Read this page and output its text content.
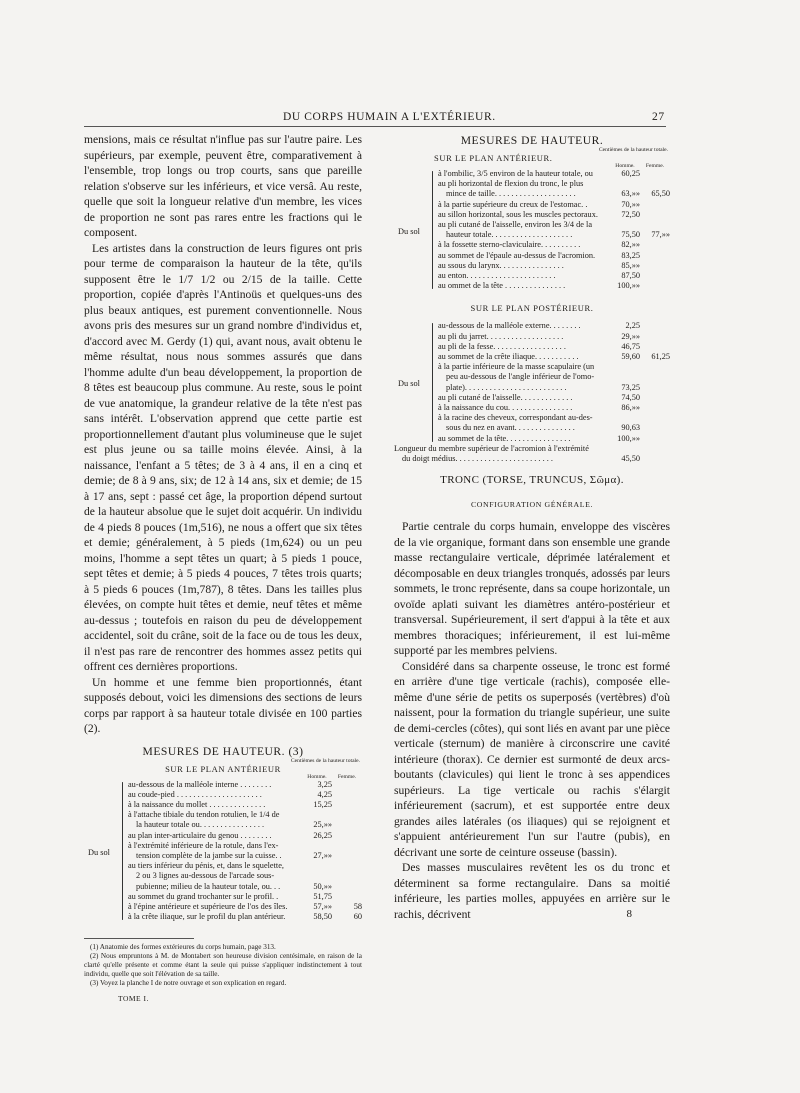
DU CORPS HUMAIN A L'EXTÉRIEUR.	27

mensions, mais ce résultat n'influe pas sur l'autre paire. Les supérieurs, par exemple, peuvent être, comparativement à l'ensemble, trop longs ou trop courts, sans que pareille relation s'observe sur les inférieurs, et vice versâ. Au reste, quelle que soit la longueur relative d'un membre, les vices de proportion ne sont pas rares entre les fractions qui le composent.

Les artistes dans la construction de leurs figures ont pris pour terme de comparaison la hauteur de la tête, qu'ils supposent être le 1/7 1/2 ou 2/15 de la taille. Cette proportion, copiée d'après l'Antinoüs et quelques-uns des plus beaux antiques, est purement conventionnelle. Nous avons pris des mesures sur un grand nombre d'individus et, d'accord avec M. Gerdy (1) qui, avant nous, avait obtenu le même résultat, nous nous sommes assurés que dans l'homme adulte d'un beau développement, la proportion de 8 têtes est beaucoup plus commune. Au reste, sous le point de vue anatomique, la grandeur relative de la tête n'est pas sans intérêt. L'observation apprend que cette partie est proportionnellement d'autant plus volumineuse que le sujet est plus jeune ou sa taille moins élevée. Ainsi, à la naissance, l'enfant a 5 têtes; de 3 à 4 ans, il en a cinq et demie; de 8 à 9 ans, six; de 12 à 14 ans, six et demie; de 15 à 17 ans, sept : passé cet âge, la proportion dépend surtout de la hauteur absolue que le sujet doit acquérir. Un individu de 4 pieds 8 pouces (1m,516), ne nous a offert que six têtes et demie; généralement, à 5 pieds (1m,624) ou un peu moins, l'homme a sept têtes un quart; à 5 pieds 1 pouce, sept têtes et demie; à 5 pieds 4 pouces, 7 têtes trois quarts; à 5 pieds 6 pouces (1m,787), 8 têtes. Dans les tailles plus élevées, on compte huit têtes et demie, neuf têtes et même au-dessus ; toutefois en raison du peu de développement accidentel, soit du crâne, soit de la face ou de tous les deux, il n'est pas rare de rencontrer des hommes assez petits qui offrent ces dernières proportions.

Un homme et une femme bien proportionnés, étant supposés debout, voici les dimensions des sections de leurs corps par rapport à sa hauteur totale divisée en 100 parties (2).

MESURES DE HAUTEUR. (3)
Centièmes de la hauteur totale.
SUR LE PLAN ANTÉRIEUR
Homme. Femme.
Du sol
au-dessous de la malléole interne . . . . . . . .	3,25
au coude-pied . . . . . . . . . . . . . . . . . . . . .	4,25
à la naissance du mollet . . . . . . . . . . . . . .	15,25
à l'attache tibiale du tendon rotulien, le 1/4 de
la hauteur totale ou. . . . . . . . . . . . . . . .	25,»»
au plan inter-articulaire du genou . . . . . . . .	26,25
à l'extrémité inférieure de la rotule, dans l'ex-
tension complète de la jambe sur la cuisse. .	27,»»
au tiers inférieur du pénis, et, dans le squelette,
2 ou 3 lignes au-dessous de l'arcade sous-
pubienne; milieu de la hauteur totale, ou. . .	50,»»
au sommet du grand trochanter sur le profil. .	51,75
à l'épine antérieure et supérieure de l'os des îles.	57,»»	58
à la crête iliaque, sur le profil du plan antérieur.	58,50	60

(1) Anatomie des formes extérieures du corps humain, page 313.

(2) Nous empruntons à M. de Montabert son heureuse division centésimale, en raison de la clarté qu'elle présente et comme étant la seule qui puisse s'appliquer indistinctement à tout individu, quelle que soit l'élévation de sa taille.

(3) Voyez la planche I de notre ouvrage et son explication en regard.

TOME I.
MESURES DE HAUTEUR.
Centièmes de la hauteur totale.
SUR LE PLAN ANTÉRIEUR.
Homme. Femme.
Du sol
à l'ombilic, 3/5 environ de la hauteur totale, ou	60,25
au pli horizontal de flexion du tronc, le plus
mince de taille. . . . . . . . . . . . . . . . . . . .	63,»»	65,50
à la partie supérieure du creux de l'estomac. .	70,»»
au sillon horizontal, sous les muscles pectoraux.	72,50
au pli cutané de l'aisselle, environ les 3/4 de la
hauteur totale. . . . . . . . . . . . . . . . . . . .	75,50	77,»»
à la fossette sterno-claviculaire. . . . . . . . . .	82,»»
au sommet de l'épaule au-dessus de l'acromion.	83,25
au ssous du larynx. . . . . . . . . . . . . . . .	85,»»
au enton. . . . . . . . . . . . . . . . . . . . . .	87,50
au ommet de la tête . . . . . . . . . . . . . . .	100,»»
SUR LE PLAN POSTÉRIEUR.
Du sol
au-dessous de la malléole externe. . . . . . . .	2,25
au pli du jarret. . . . . . . . . . . . . . . . . . .	29,»»
au pli de la fesse. . . . . . . . . . . . . . . . . .	46,75
au sommet de la crête iliaque. . . . . . . . . . .	59,60	61,25
à la partie inférieure de la masse scapulaire (un
peu au-dessous de l'angle inférieur de l'omo-
plate). . . . . . . . . . . . . . . . . . . . . . . . .	73,25
au pli cutané de l'aisselle. . . . . . . . . . . . .	74,50
à la naissance du cou. . . . . . . . . . . . . . . .	86,»»
à la racine des cheveux, correspondant au-des-
sous du nez en avant. . . . . . . . . . . . . . .	90,63
au sommet de la tête. . . . . . . . . . . . . . . .	100,»»
Longueur du membre supérieur de l'acromion à l'extrémité
du doigt médius. . . . . . . . . . . . . . . . . . . . . . . .	45,50
TRONC (TORSE, TRUNCUS, Σῶμα).
CONFIGURATION GÉNÉRALE.

Partie centrale du corps humain, enveloppe des viscères de la vie organique, formant dans son ensemble une grande masse rectangulaire verticale, déprimée latéralement et décomposable en deux triangles tronqués, adossés par leurs sommets, le tronc représente, dans sa coupe horizontale, un ovoïde aplati suivant les diamètres antéro-postérieur et transversal. Supérieurement, il sert d'appui à la tête et aux membres thoraciques; inférieurement, il est lui-même supporté par les membres pelviens.

Considéré dans sa charpente osseuse, le tronc est formé en arrière d'une tige verticale (rachis), composée elle-même d'une série de petits os superposés (vertèbres) d'où naissent, pour la formation du triangle supérieur, une suite de demi-cercles (côtes), qui sont liés en avant par une pièce verticale (sternum) de manière à circonscrire une cavité intérieure (thorax). Ce dernier est surmonté de deux arcs-boutants (clavicules) qui lient le tronc à ses appendices supérieurs. La tige verticale ou rachis s'élargit inférieurement (sacrum), et est supportée entre deux grandes ailes latérales (os iliaques) qui se rejoignent et s'appuient antérieurement l'un sur l'autre (pubis), en décrivant une sorte de ceinture osseuse (bassin).

Des masses musculaires revêtent les os du tronc et déterminent sa forme rectangulaire. Dans sa moitié inférieure, les parties molles, appuyées en arrière sur le rachis, décrivent	8
